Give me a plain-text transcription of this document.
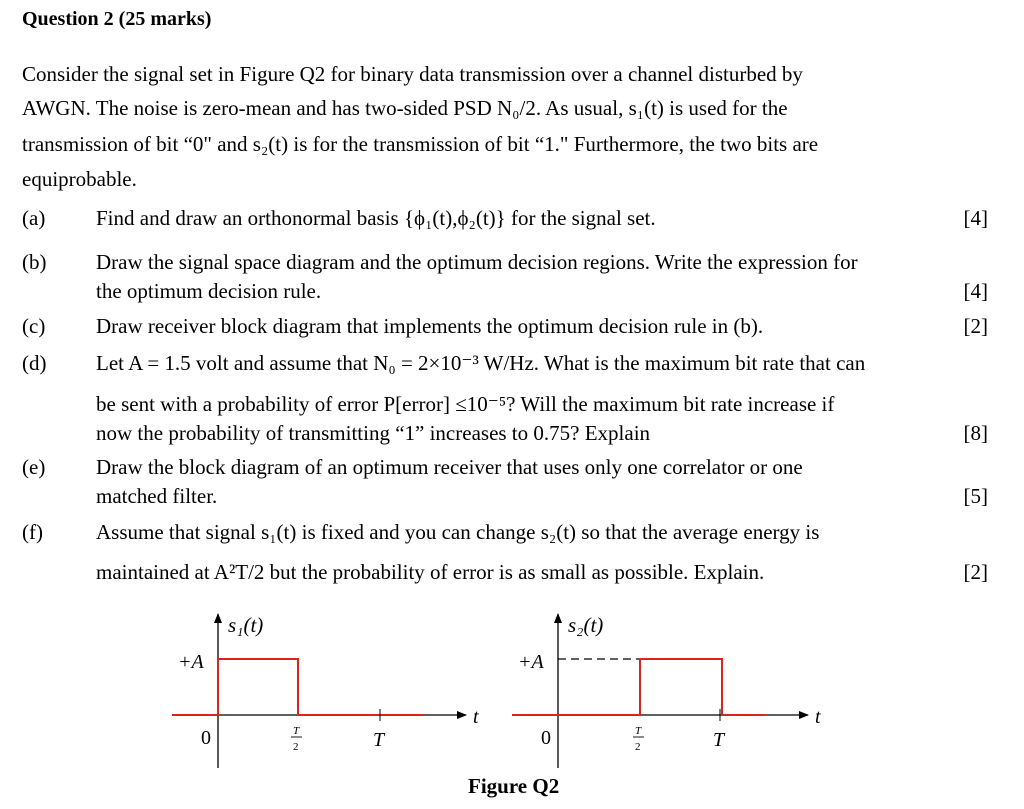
Question 2 (25 marks)
Consider the signal set in Figure Q2 for binary data transmission over a channel disturbed by
AWGN. The noise is zero-mean and has two-sided PSD N₀/2. As usual, s₁(t) is used for the
transmission of bit “0" and s₂(t) is for the transmission of bit “1." Furthermore, the two bits are
equiprobable.
(a) Find and draw an orthonormal basis {ϕ₁(t),ϕ₂(t)} for the signal set.	[4]
(b) Draw the signal space diagram and the optimum decision regions. Write the expression for
the optimum decision rule.	[4]
(c) Draw receiver block diagram that implements the optimum decision rule in (b).	[2]
(d) Let A = 1.5 volt and assume that N₀ = 2×10⁻³ W/Hz. What is the maximum bit rate that can
be sent with a probability of error P[error] ≤10⁻⁵? Will the maximum bit rate increase if
now the probability of transmitting “1” increases to 0.75? Explain	[8]
(e) Draw the block diagram of an optimum receiver that uses only one correlator or one
matched filter.	[5]
(f)	Assume that signal s₁(t) is fixed and you can change s₂(t) so that the average energy is
maintained at A²T/2 but the probability of error is as small as possible. Explain.	[2]
s₁(t)
+A
0	T
2	T
t
s₂(t)
+A
0	T
2	T
t
Figure Q2
